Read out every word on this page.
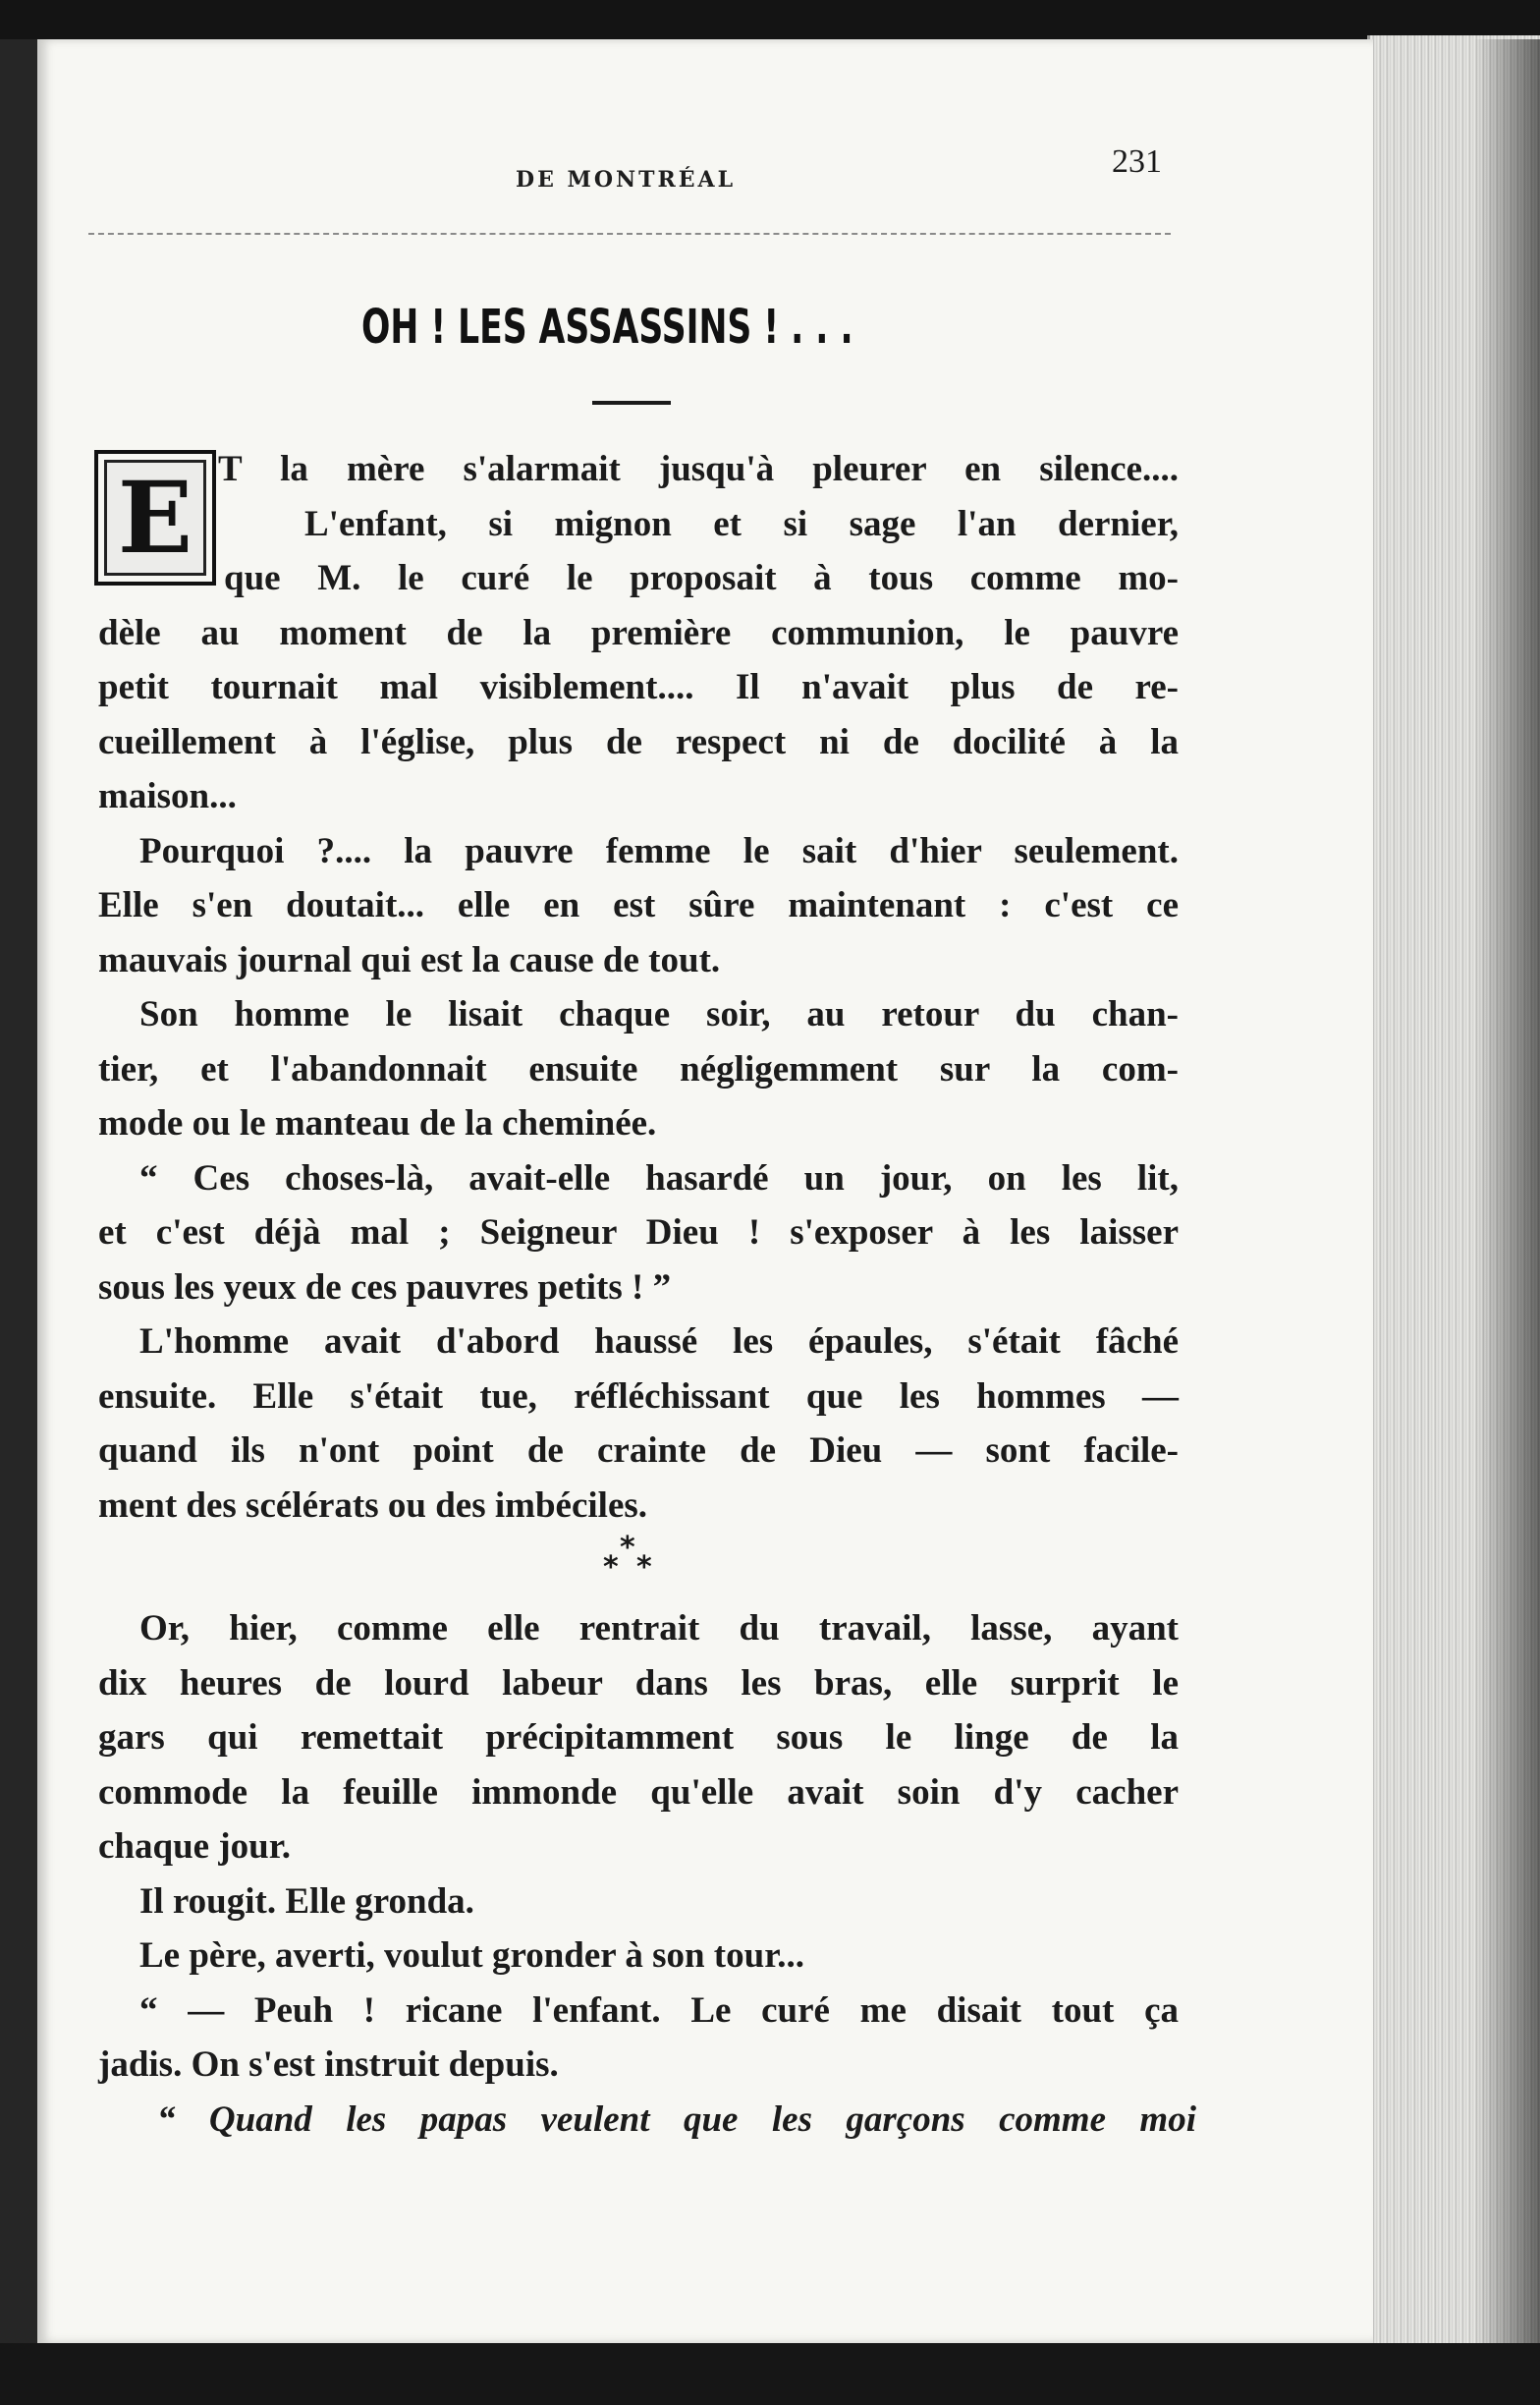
DE MONTRÉAL	231
OH ! LES ASSASSINS ! . . .
E T la mère s'alarmait jusqu'à pleurer en silence....
L'enfant, si mignon et si sage l'an dernier,
que M. le curé le proposait à tous comme mo-
dèle au moment de la première communion, le pauvre
petit tournait mal visiblement.... Il n'avait plus de re-
cueillement à l'église, plus de respect ni de docilité à la
maison...
Pourquoi ?.... la pauvre femme le sait d'hier seulement.
Elle s'en doutait... elle en est sûre maintenant : c'est ce
mauvais journal qui est la cause de tout.
Son homme le lisait chaque soir, au retour du chan-
tier, et l'abandonnait ensuite négligemment sur la com-
mode ou le manteau de la cheminée.
“ Ces choses-là, avait-elle hasardé un jour, on les lit,
et c'est déjà mal ; Seigneur Dieu ! s'exposer à les laisser
sous les yeux de ces pauvres petits ! ”
L'homme avait d'abord haussé les épaules, s'était fâché
ensuite. Elle s'était tue, réfléchissant que les hommes —
quand ils n'ont point de crainte de Dieu — sont facile-
ment des scélérats ou des imbéciles.
*
* *
Or, hier, comme elle rentrait du travail, lasse, ayant
dix heures de lourd labeur dans les bras, elle surprit le
gars qui remettait précipitamment sous le linge de la
commode la feuille immonde qu'elle avait soin d'y cacher
chaque jour.
Il rougit. Elle gronda.
Le père, averti, voulut gronder à son tour...
“ — Peuh ! ricane l'enfant. Le curé me disait tout ça
jadis. On s'est instruit depuis.
“ Quand les papas veulent que les garçons comme moi
